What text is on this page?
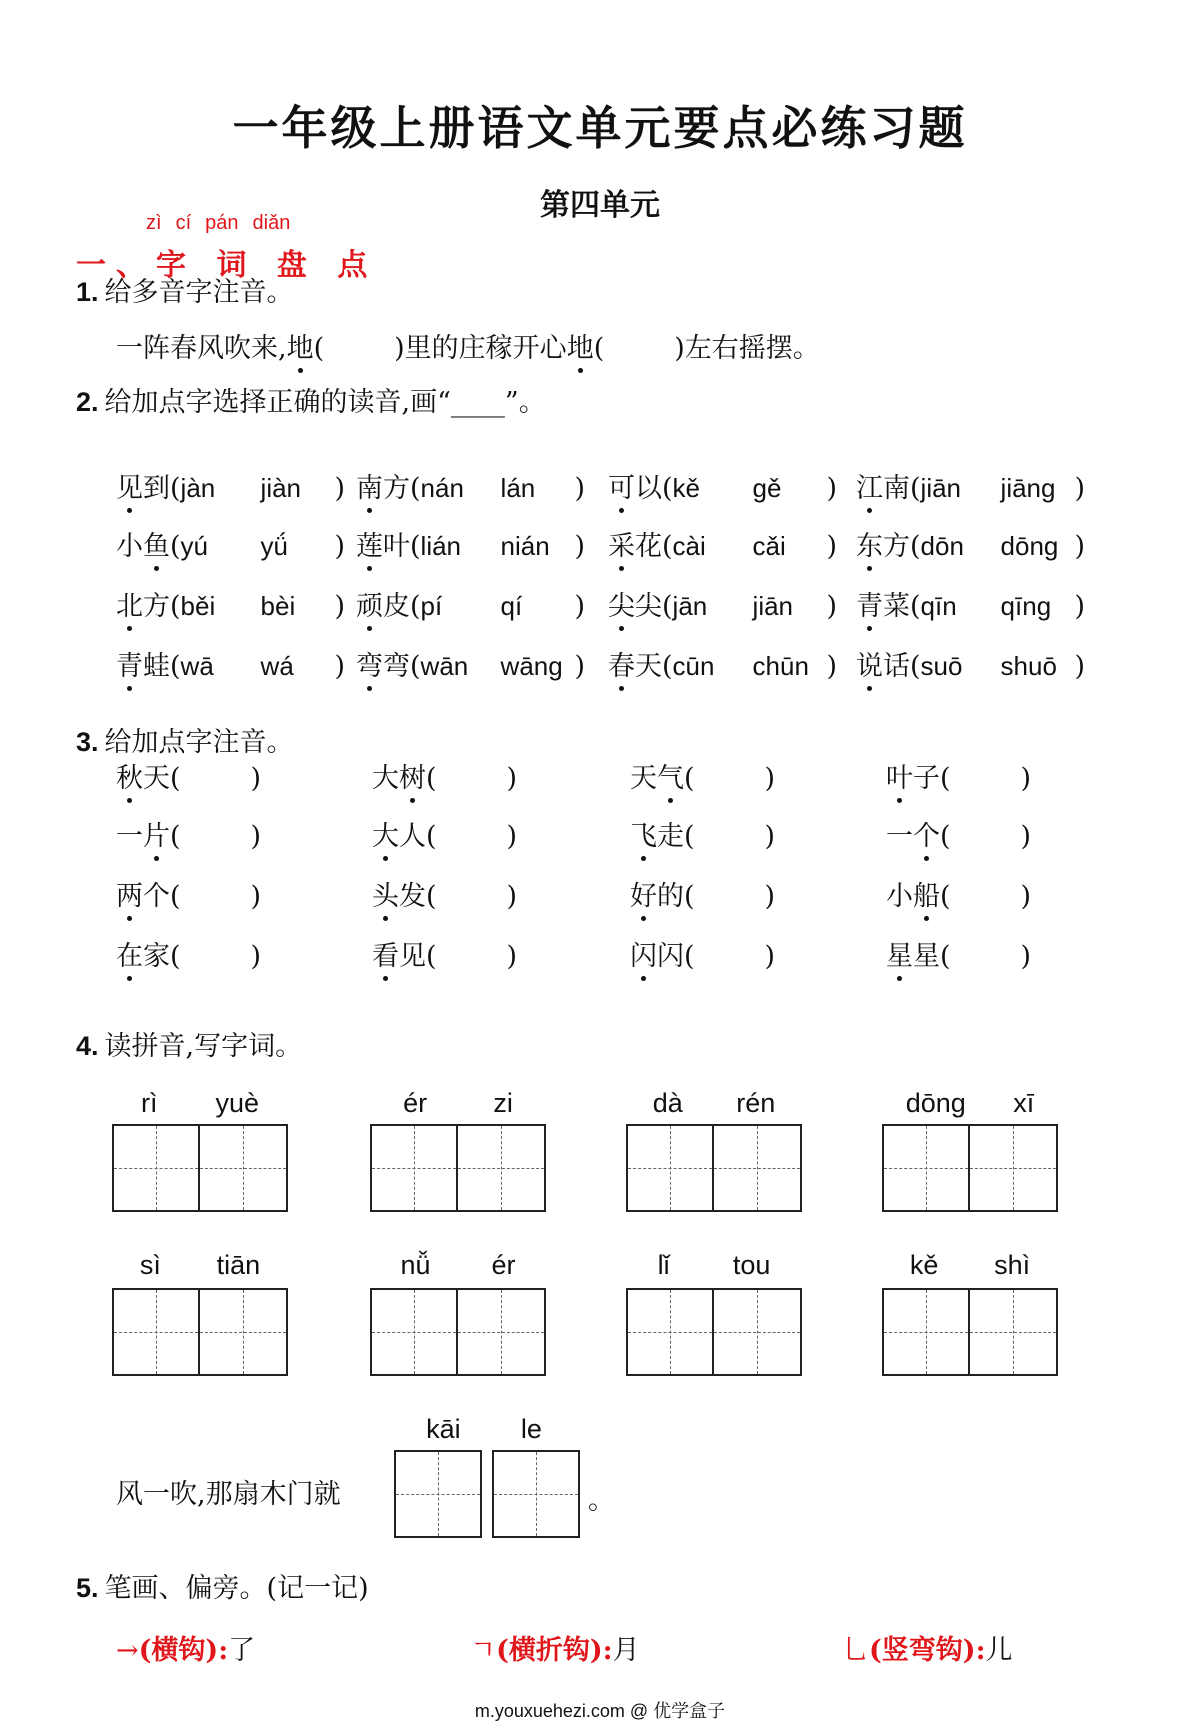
一年级上册语文单元要点必练习题
第四单元
zì cí pán diǎn
一、字 词 盘 点
1. 给多音字注音。
一阵春风吹来,地(	)里的庄稼开心地(	)左右摇摆。
2. 给加点字选择正确的读音,画“____”。
见到(jàn jiàn ) 南方(nán lán ) 可以(kě gě ) 江南(jiān jiāng )
小鱼(yú yǘ ) 莲叶(lián nián ) 采花(cài cǎi ) 东方(dōn dōng )
北方(běi bèi ) 顽皮(pí qí ) 尖尖(jān jiān ) 青菜(qīn qīng )
青蛙(wā wá ) 弯弯(wān wāng ) 春天(cūn chūn ) 说话(suō shuō )
3. 给加点字注音。
秋天(	)	大树(	)	天气(	)	叶子(	)
一片(	)	大人(	)	飞走(	)	一个(	)
两个(	)	头发(	)	好的(	)	小船(	)
在家(	)	看见(	)	闪闪(	)	星星(	)
4. 读拼音,写字词。
rì yuè	ér zi	dà rén	dōng xī
sì tiān	nǚ ér	lǐ tou	kě shì
kāi le
风一吹,那扇木门就	。
5. 笔画、偏旁。(记一记)
→(横钩):了	ㄱ(横折钩):月	乚(竖弯钩):儿
m.youxuehezi.com @ 优学盒子
